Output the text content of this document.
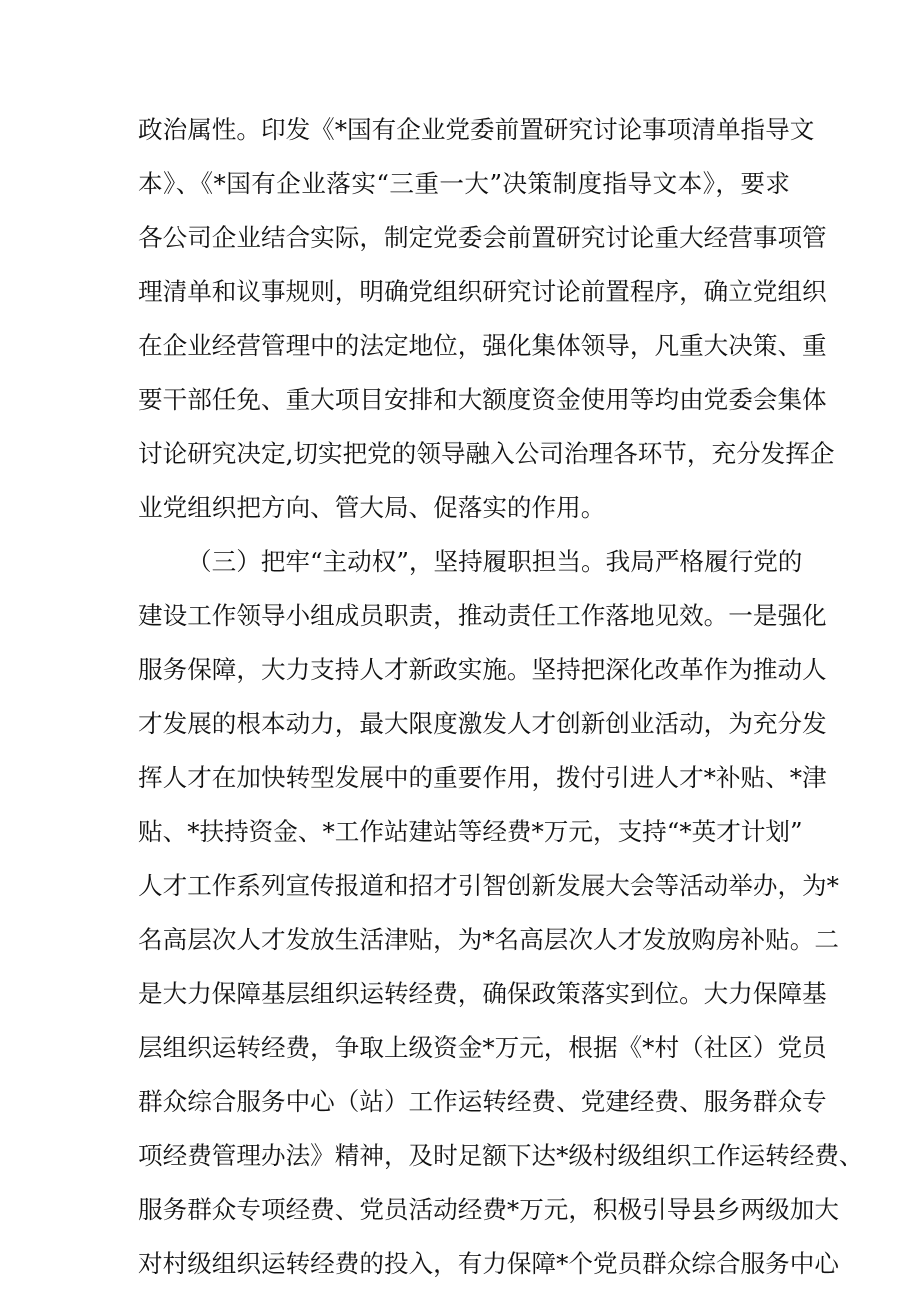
政治属性。印发《*国有企业党委前置研究讨论事项清单指导文
本》、《*国有企业落实“三重一大”决策制度指导文本》，要求
各公司企业结合实际，制定党委会前置研究讨论重大经营事项管
理清单和议事规则，明确党组织研究讨论前置程序，确立党组织
在企业经营管理中的法定地位，强化集体领导，凡重大决策、重
要干部任免、重大项目安排和大额度资金使用等均由党委会集体
讨论研究决定,切实把党的领导融入公司治理各环节，充分发挥企
业党组织把方向、管大局、促落实的作用。
（三）把牢“主动权”，坚持履职担当。我局严格履行党的
建设工作领导小组成员职责，推动责任工作落地见效。一是强化
服务保障，大力支持人才新政实施。坚持把深化改革作为推动人
才发展的根本动力，最大限度激发人才创新创业活动，为充分发
挥人才在加快转型发展中的重要作用，拨付引进人才*补贴、*津
贴、*扶持资金、*工作站建站等经费*万元，支持“*英才计划”
人才工作系列宣传报道和招才引智创新发展大会等活动举办，为*
名高层次人才发放生活津贴，为*名高层次人才发放购房补贴。二
是大力保障基层组织运转经费，确保政策落实到位。大力保障基
层组织运转经费，争取上级资金*万元，根据《*村（社区）党员
群众综合服务中心（站）工作运转经费、党建经费、服务群众专
项经费管理办法》精神，及时足额下达*级村级组织工作运转经费、
服务群众专项经费、党员活动经费*万元，积极引导县乡两级加大
对村级组织运转经费的投入，有力保障*个党员群众综合服务中心
